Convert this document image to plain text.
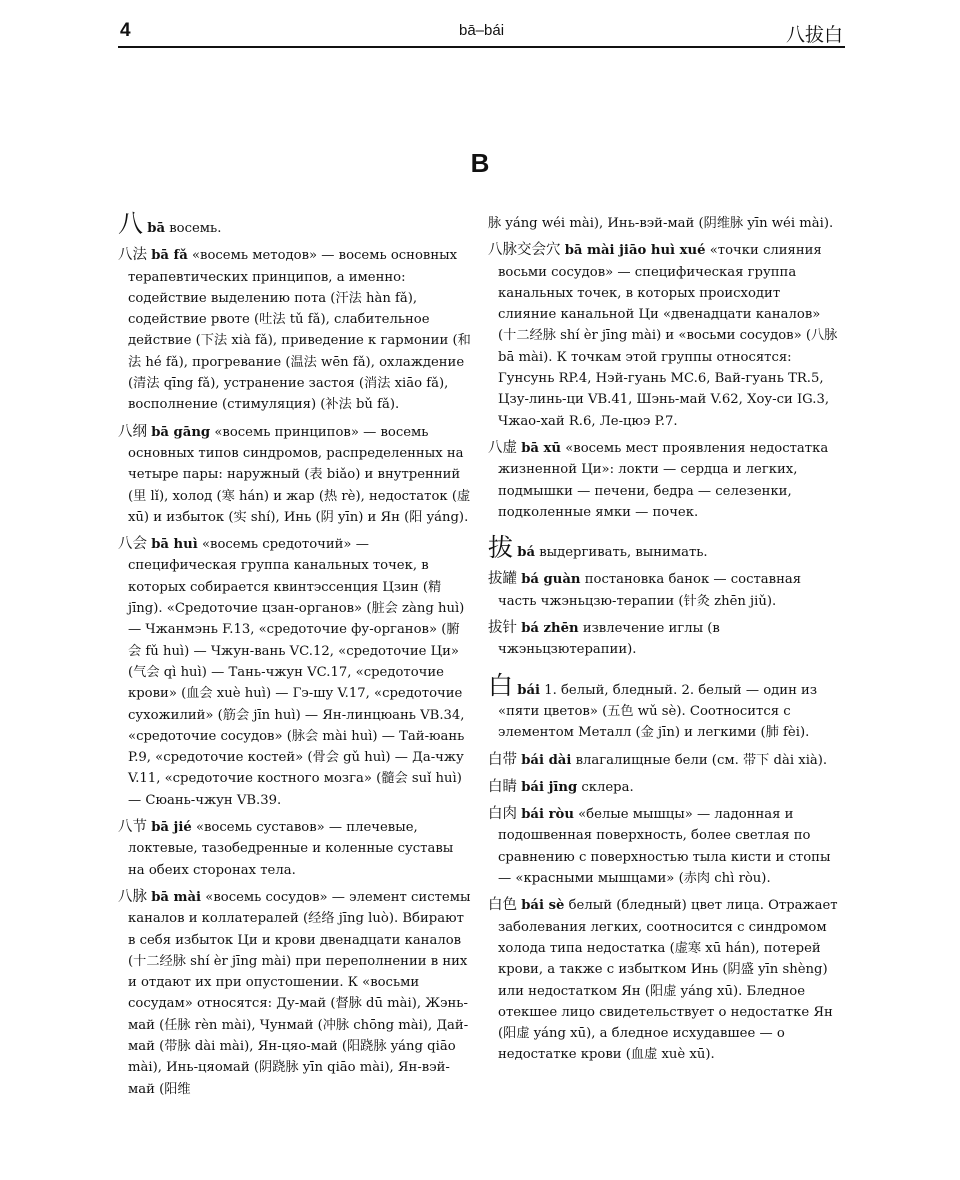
4	bā–bái	八拔白
B

八 bā восемь.

八法 bā fǎ «восемь методов» — восемь основных терапевтических принципов, а именно: содействие выделению пота (汗法 hàn fǎ), содействие рвоте (吐法 tǔ fǎ), слабительное действие (下法 xià fǎ), приведение к гармонии (和法 hé fǎ), прогревание (温法 wēn fǎ), охлаждение (清法 qīng fǎ), устранение застоя (消法 xiāo fǎ), восполнение (стимуляция) (补法 bǔ fǎ).

八纲 bā gāng «восемь принципов» — восемь основных типов синдромов, распределенных на четыре пары: наружный (表 biǎo) и внутренний (里 lǐ), холод (寒 hán) и жар (热 rè), недостаток (虚 xū) и избыток (实 shí), Инь (阴 yīn) и Ян (阳 yáng).

八会 bā huì «восемь средоточий» — специфическая группа канальных точек, в которых собирается квинтэссенция Цзин (精 jīng). «Средоточие цзан-органов» (脏会 zàng huì) — Чжанмэнь F.13, «средоточие фу-органов» (腑会 fǔ huì) — Чжун-вань VC.12, «средоточие Ци» (气会 qì huì) — Тань-чжун VC.17, «средоточие крови» (血会 xuè huì) — Гэ-шу V.17, «средоточие сухожилий» (筋会 jīn huì) — Ян-линцюань VB.34, «средоточие сосудов» (脉会 mài huì) — Тай-юань P.9, «средоточие костей» (骨会 gǔ huì) — Да-чжу V.11, «средоточие костного мозга» (髓会 suǐ huì) — Сюань-чжун VB.39.

八节 bā jié «восемь суставов» — плечевые, локтевые, тазобедренные и коленные суставы на обеих сторонах тела.

八脉 bā mài «восемь сосудов» — элемент системы каналов и коллатералей (经络 jīng luò). Вбирают в себя избыток Ци и крови двенадцати каналов (十二经脉 shí èr jīng mài) при переполнении в них и отдают их при опустошении. К «восьми сосудам» относятся: Ду-май (督脉 dū mài), Жэнь-май (任脉 rèn mài), Чунмай (冲脉 chōng mài), Дай-май (带脉 dài mài), Ян-цяо-май (阳跷脉 yáng qiāo mài), Инь-цяомай (阴跷脉 yīn qiāo mài), Ян-вэй-май (阳维

脉 yáng wéi mài), Инь-вэй-май (阴维脉 yīn wéi mài).

八脉交会穴 bā mài jiāo huì xué «точки слияния восьми сосудов» — специфическая группа канальных точек, в которых происходит слияние канальной Ци «двенадцати каналов» (十二经脉 shí èr jīng mài) и «восьми сосудов» (八脉 bā mài). К точкам этой группы относятся: Гунсунь RP.4, Нэй-гуань MC.6, Вай-гуань TR.5, Цзу-линь-ци VB.41, Шэнь-май V.62, Хоу-си IG.3, Чжао-хай R.6, Ле-цюэ P.7.

八虚 bā xū «восемь мест проявления недостатка жизненной Ци»: локти — сердца и легких, подмышки — печени, бедра — селезенки, подколенные ямки — почек.

拔 bá выдергивать, вынимать.

拔罐 bá guàn постановка банок — составная часть чжэньцзю-терапии (针灸 zhēn jiǔ).

拔针 bá zhēn извлечение иглы (в чжэньцзютерапии).

白 bái 1. белый, бледный. 2. белый — один из «пяти цветов» (五色 wǔ sè). Соотносится с элементом Металл (金 jīn) и легкими (肺 fèi).

白带 bái dài влагалищные бели (см. 带下 dài xià).

白睛 bái jīng склера.

白肉 bái ròu «белые мышцы» — ладонная и подошвенная поверхность, более светлая по сравнению с поверхностью тыла кисти и стопы — «красными мышцами» (赤肉 chì ròu).

白色 bái sè белый (бледный) цвет лица. Отражает заболевания легких, соотносится с синдромом холода типа недостатка (虚寒 xū hán), потерей крови, а также с избытком Инь (阴盛 yīn shèng) или недостатком Ян (阳虚 yáng xū). Бледное отекшее лицо свидетельствует о недостатке Ян (阳虚 yáng xū), а бледное исхудавшее — о недостатке крови (血虚 xuè xū).
